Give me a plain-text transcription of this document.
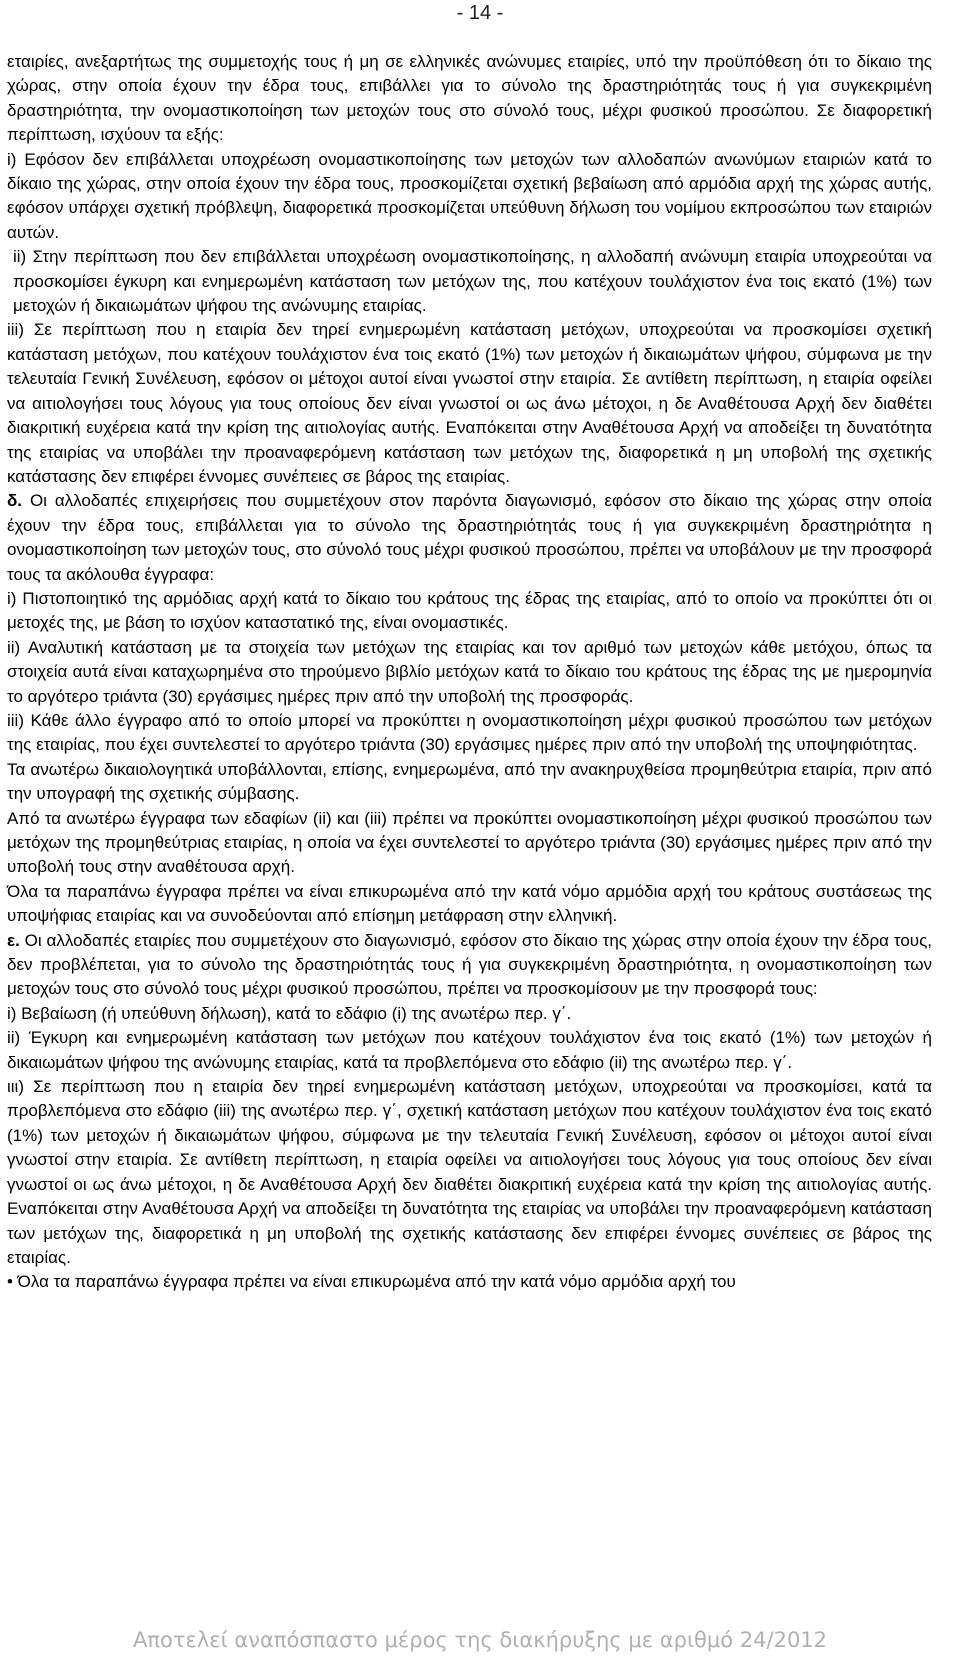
- 14 -

εταιρίες, ανεξαρτήτως της συμμετοχής τους ή μη σε ελληνικές ανώνυμες εταιρίες, υπό την προϋπόθεση ότι το δίκαιο της χώρας, στην οποία έχουν την έδρα τους, επιβάλλει για το σύνολο της δραστηριότητάς τους ή για συγκεκριμένη δραστηριότητα, την ονομαστικοποίηση των μετοχών τους στο σύνολό τους, μέχρι φυσικού προσώπου. Σε διαφορετική περίπτωση, ισχύουν τα εξής:

i) Εφόσον δεν επιβάλλεται υποχρέωση ονομαστικοποίησης των μετοχών των αλλοδαπών ανωνύμων εταιριών κατά το δίκαιο της χώρας, στην οποία έχουν την έδρα τους, προσκομίζεται σχετική βεβαίωση από αρμόδια αρχή της χώρας αυτής, εφόσον υπάρχει σχετική πρόβλεψη, διαφορετικά προσκομίζεται υπεύθυνη δήλωση του νομίμου εκπροσώπου των εταιριών αυτών.

ii) Στην περίπτωση που δεν επιβάλλεται υποχρέωση ονομαστικοποίησης, η αλλοδαπή ανώνυμη εταιρία υποχρεούται να προσκομίσει έγκυρη και ενημερωμένη κατάσταση των μετόχων της, που κατέχουν τουλάχιστον ένα τοις εκατό (1%) των μετοχών ή δικαιωμάτων ψήφου της ανώνυμης εταιρίας.

iii) Σε περίπτωση που η εταιρία δεν τηρεί ενημερωμένη κατάσταση μετόχων, υποχρεούται να προσκομίσει σχετική κατάσταση μετόχων, που κατέχουν τουλάχιστον ένα τοις εκατό (1%) των μετοχών ή δικαιωμάτων ψήφου, σύμφωνα με την τελευταία Γενική Συνέλευση, εφόσον οι μέτοχοι αυτοί είναι γνωστοί στην εταιρία. Σε αντίθετη περίπτωση, η εταιρία οφείλει να αιτιολογήσει τους λόγους για τους οποίους δεν είναι γνωστοί οι ως άνω μέτοχοι, η δε Αναθέτουσα Αρχή δεν διαθέτει διακριτική ευχέρεια κατά την κρίση της αιτιολογίας αυτής. Εναπόκειται στην Αναθέτουσα Αρχή να αποδείξει τη δυνατότητα της εταιρίας να υποβάλει την προαναφερόμενη κατάσταση των μετόχων της, διαφορετικά η μη υποβολή της σχετικής κατάστασης δεν επιφέρει έννομες συνέπειες σε βάρος της εταιρίας.

δ. Οι αλλοδαπές επιχειρήσεις που συμμετέχουν στον παρόντα διαγωνισμό, εφόσον στο δίκαιο της χώρας στην οποία έχουν την έδρα τους, επιβάλλεται για το σύνολο της δραστηριότητάς τους ή για συγκεκριμένη δραστηριότητα η ονομαστικοποίηση των μετοχών τους, στο σύνολό τους μέχρι φυσικού προσώπου, πρέπει να υποβάλουν με την προσφορά τους τα ακόλουθα έγγραφα:

i) Πιστοποιητικό της αρμόδιας αρχή κατά το δίκαιο του κράτους της έδρας της εταιρίας, από το οποίο να προκύπτει ότι οι μετοχές της, με βάση το ισχύον καταστατικό της, είναι ονομαστικές.

ii) Αναλυτική κατάσταση με τα στοιχεία των μετόχων της εταιρίας και τον αριθμό των μετοχών κάθε μετόχου, όπως τα στοιχεία αυτά είναι καταχωρημένα στο τηρούμενο βιβλίο μετόχων κατά το δίκαιο του κράτους της έδρας της με ημερομηνία το αργότερο τριάντα (30) εργάσιμες ημέρες πριν από την υποβολή της προσφοράς.

iii) Κάθε άλλο έγγραφο από το οποίο μπορεί να προκύπτει η ονομαστικοποίηση μέχρι φυσικού προσώπου των μετόχων της εταιρίας, που έχει συντελεστεί το αργότερο τριάντα (30) εργάσιμες ημέρες πριν από την υποβολή της υποψηφιότητας.

Τα ανωτέρω δικαιολογητικά υποβάλλονται, επίσης, ενημερωμένα, από την ανακηρυχθείσα προμηθεύτρια εταιρία, πριν από την υπογραφή της σχετικής σύμβασης.

Από τα ανωτέρω έγγραφα των εδαφίων (ii) και (iii) πρέπει να προκύπτει ονομαστικοποίηση μέχρι φυσικού προσώπου των μετόχων της προμηθεύτριας εταιρίας, η οποία να έχει συντελεστεί το αργότερο τριάντα (30) εργάσιμες ημέρες πριν από την υποβολή τους στην αναθέτουσα αρχή.

Όλα τα παραπάνω έγγραφα πρέπει να είναι επικυρωμένα από την κατά νόμο αρμόδια αρχή του κράτους συστάσεως της υποψήφιας εταιρίας και να συνοδεύονται από επίσημη μετάφραση στην ελληνική.

ε. Οι αλλοδαπές εταιρίες που συμμετέχουν στο διαγωνισμό, εφόσον στο δίκαιο της χώρας στην οποία έχουν την έδρα τους, δεν προβλέπεται, για το σύνολο της δραστηριότητάς τους ή για συγκεκριμένη δραστηριότητα, η ονομαστικοποίηση των μετοχών τους στο σύνολό τους μέχρι φυσικού προσώπου, πρέπει να προσκομίσουν με την προσφορά τους:

i) Βεβαίωση (ή υπεύθυνη δήλωση), κατά το εδάφιο (i) της ανωτέρω περ. γ΄.

ii) Έγκυρη και ενημερωμένη κατάσταση των μετόχων που κατέχουν τουλάχιστον ένα τοις εκατό (1%) των μετοχών ή δικαιωμάτων ψήφου της ανώνυμης εταιρίας, κατά τα προβλεπόμενα στο εδάφιο (ii) της ανωτέρω περ. γ΄.

ιιι) Σε περίπτωση που η εταιρία δεν τηρεί ενημερωμένη κατάσταση μετόχων, υποχρεούται να προσκομίσει, κατά τα προβλεπόμενα στο εδάφιο (iii) της ανωτέρω περ. γ΄, σχετική κατάσταση μετόχων που κατέχουν τουλάχιστον ένα τοις εκατό (1%) των μετοχών ή δικαιωμάτων ψήφου, σύμφωνα με την τελευταία Γενική Συνέλευση, εφόσον οι μέτοχοι αυτοί είναι γνωστοί στην εταιρία. Σε αντίθετη περίπτωση, η εταιρία οφείλει να αιτιολογήσει τους λόγους για τους οποίους δεν είναι γνωστοί οι ως άνω μέτοχοι, η δε Αναθέτουσα Αρχή δεν διαθέτει διακριτική ευχέρεια κατά την κρίση της αιτιολογίας αυτής. Εναπόκειται στην Αναθέτουσα Αρχή να αποδείξει τη δυνατότητα της εταιρίας να υποβάλει την προαναφερόμενη κατάσταση των μετόχων της, διαφορετικά η μη υποβολή της σχετικής κατάστασης δεν επιφέρει έννομες συνέπειες σε βάρος της εταιρίας.

• Όλα τα παραπάνω έγγραφα πρέπει να είναι επικυρωμένα από την κατά νόμο αρμόδια αρχή του

Αποτελεί αναπόσπαστο μέρος της διακήρυξης με αριθμό 24/2012
